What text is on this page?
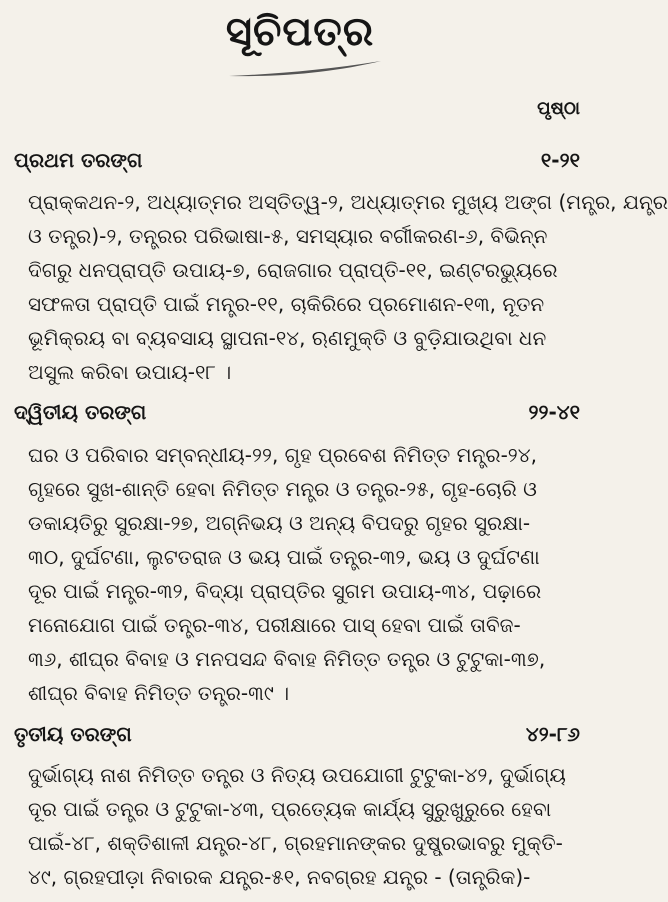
ସୂଚିପତ୍ର
ପୃଷ୍ଠା
ପ୍ରଥମ ତରଙ୍ଗ	୧-୨୧
ପ୍ରାକ୍‌କଥନ-୨, ଅଧ୍ୟାତ୍ମର ଅସ୍ତିତ୍ୱ-୨, ଅଧ୍ୟାତ୍ମର ମୁଖ୍ୟ ଅଙ୍ଗ (ମନ୍ତ୍ର, ଯନ୍ତ୍ର
ଓ ତନ୍ତ୍ର)-୨, ତନ୍ତ୍ରର ପରିଭାଷା-୫, ସମସ୍ୟାର ବର୍ଗୀକରଣ-୬, ବିଭିନ୍ନ
ଦିଗରୁ ଧନପ୍ରାପ୍ତି ଉପାୟ-୭, ରୋଜଗାର ପ୍ରାପ୍ତି-୧୧, ଇଣ୍ଟରଭ୍ୟୁରେ
ସଫଳତା ପ୍ରାପ୍ତି ପାଇଁ ମନ୍ତ୍ର-୧୧, ଚାକିରିରେ ପ୍ରମୋଶନ-୧୩, ନୂତନ
ଭୂମିକ୍ରୟ ବା ବ୍ୟବସାୟ ସ୍ଥାପନା-୧୪, ଋଣମୁକ୍ତି ଓ ବୁଡ଼ିଯାଉଥିବା ଧନ
ଅସୁଲ କରିବା ଉପାୟ-୧୮ ।
ଦ୍ୱିତୀୟ ତରଙ୍ଗ	୨୨-୪୧
ଘର ଓ ପରିବାର ସମ୍ବନ୍ଧୀୟ-୨୨, ଗୃହ ପ୍ରବେଶ ନିମିତ୍ତ ମନ୍ତ୍ର-୨୪,
ଗୃହରେ ସୁଖ-ଶାନ୍ତି ହେବା ନିମିତ୍ତ ମନ୍ତ୍ର ଓ ତନ୍ତ୍ର-୨୫, ଗୃହ-ଚୋରି ଓ
ଡକାୟତିରୁ ସୁରକ୍ଷା-୨୭, ଅଗ୍ନିଭୟ ଓ ଅନ୍ୟ ବିପଦରୁ ଗୃହର ସୁରକ୍ଷା-
୩୦, ଦୁର୍ଘଟଣା, ଲୁଟତରାଜ ଓ ଭୟ ପାଇଁ ତନ୍ତ୍ର-୩୨, ଭୟ ଓ ଦୁର୍ଘଟଣା
ଦୂର ପାଇଁ ମନ୍ତ୍ର-୩୨, ବିଦ୍ୟା ପ୍ରାପ୍ତିର ସୁଗମ ଉପାୟ-୩୪, ପଢ଼ାରେ
ମନୋଯୋଗ ପାଇଁ ତନ୍ତ୍ର-୩୪, ପରୀକ୍ଷାରେ ପାସ୍ ହେବା ପାଇଁ ତାବିଜ-
୩୬, ଶୀଘ୍ର ବିବାହ ଓ ମନପସନ୍ଦ ବିବାହ ନିମିତ୍ତ ତନ୍ତ୍ର ଓ ଟୁଟୁକା-୩୭,
ଶୀଘ୍ର ବିବାହ ନିମିତ୍ତ ତନ୍ତ୍ର-୩୯ ।
ତୃତୀୟ ତରଙ୍ଗ	୪୨-୮୬
ଦୁର୍ଭାଗ୍ୟ ନାଶ ନିମିତ୍ତ ତନ୍ତ୍ର ଓ ନିତ୍ୟ ଉପଯୋଗୀ ଟୁଟୁକା-୪୨, ଦୁର୍ଭାଗ୍ୟ
ଦୂର ପାଇଁ ତନ୍ତ୍ର ଓ ଟୁଟୁକା-୪୩, ପ୍ରତ୍ୟେକ କାର୍ଯ୍ୟ ସୁରୁଖୁରୁରେ ହେବା
ପାଇଁ-୪୮, ଶକ୍ତିଶାଳୀ ଯନ୍ତ୍ର-୪୮, ଗ୍ରହମାନଙ୍କର ଦୁଷ୍ପ୍ରଭାବରୁ ମୁକ୍ତି-
୪୯, ଗ୍ରହପୀଡ଼ା ନିବାରକ ଯନ୍ତ୍ର-୫୧, ନବଗ୍ରହ ଯନ୍ତ୍ର - (ତାନ୍ତ୍ରିକ)-
